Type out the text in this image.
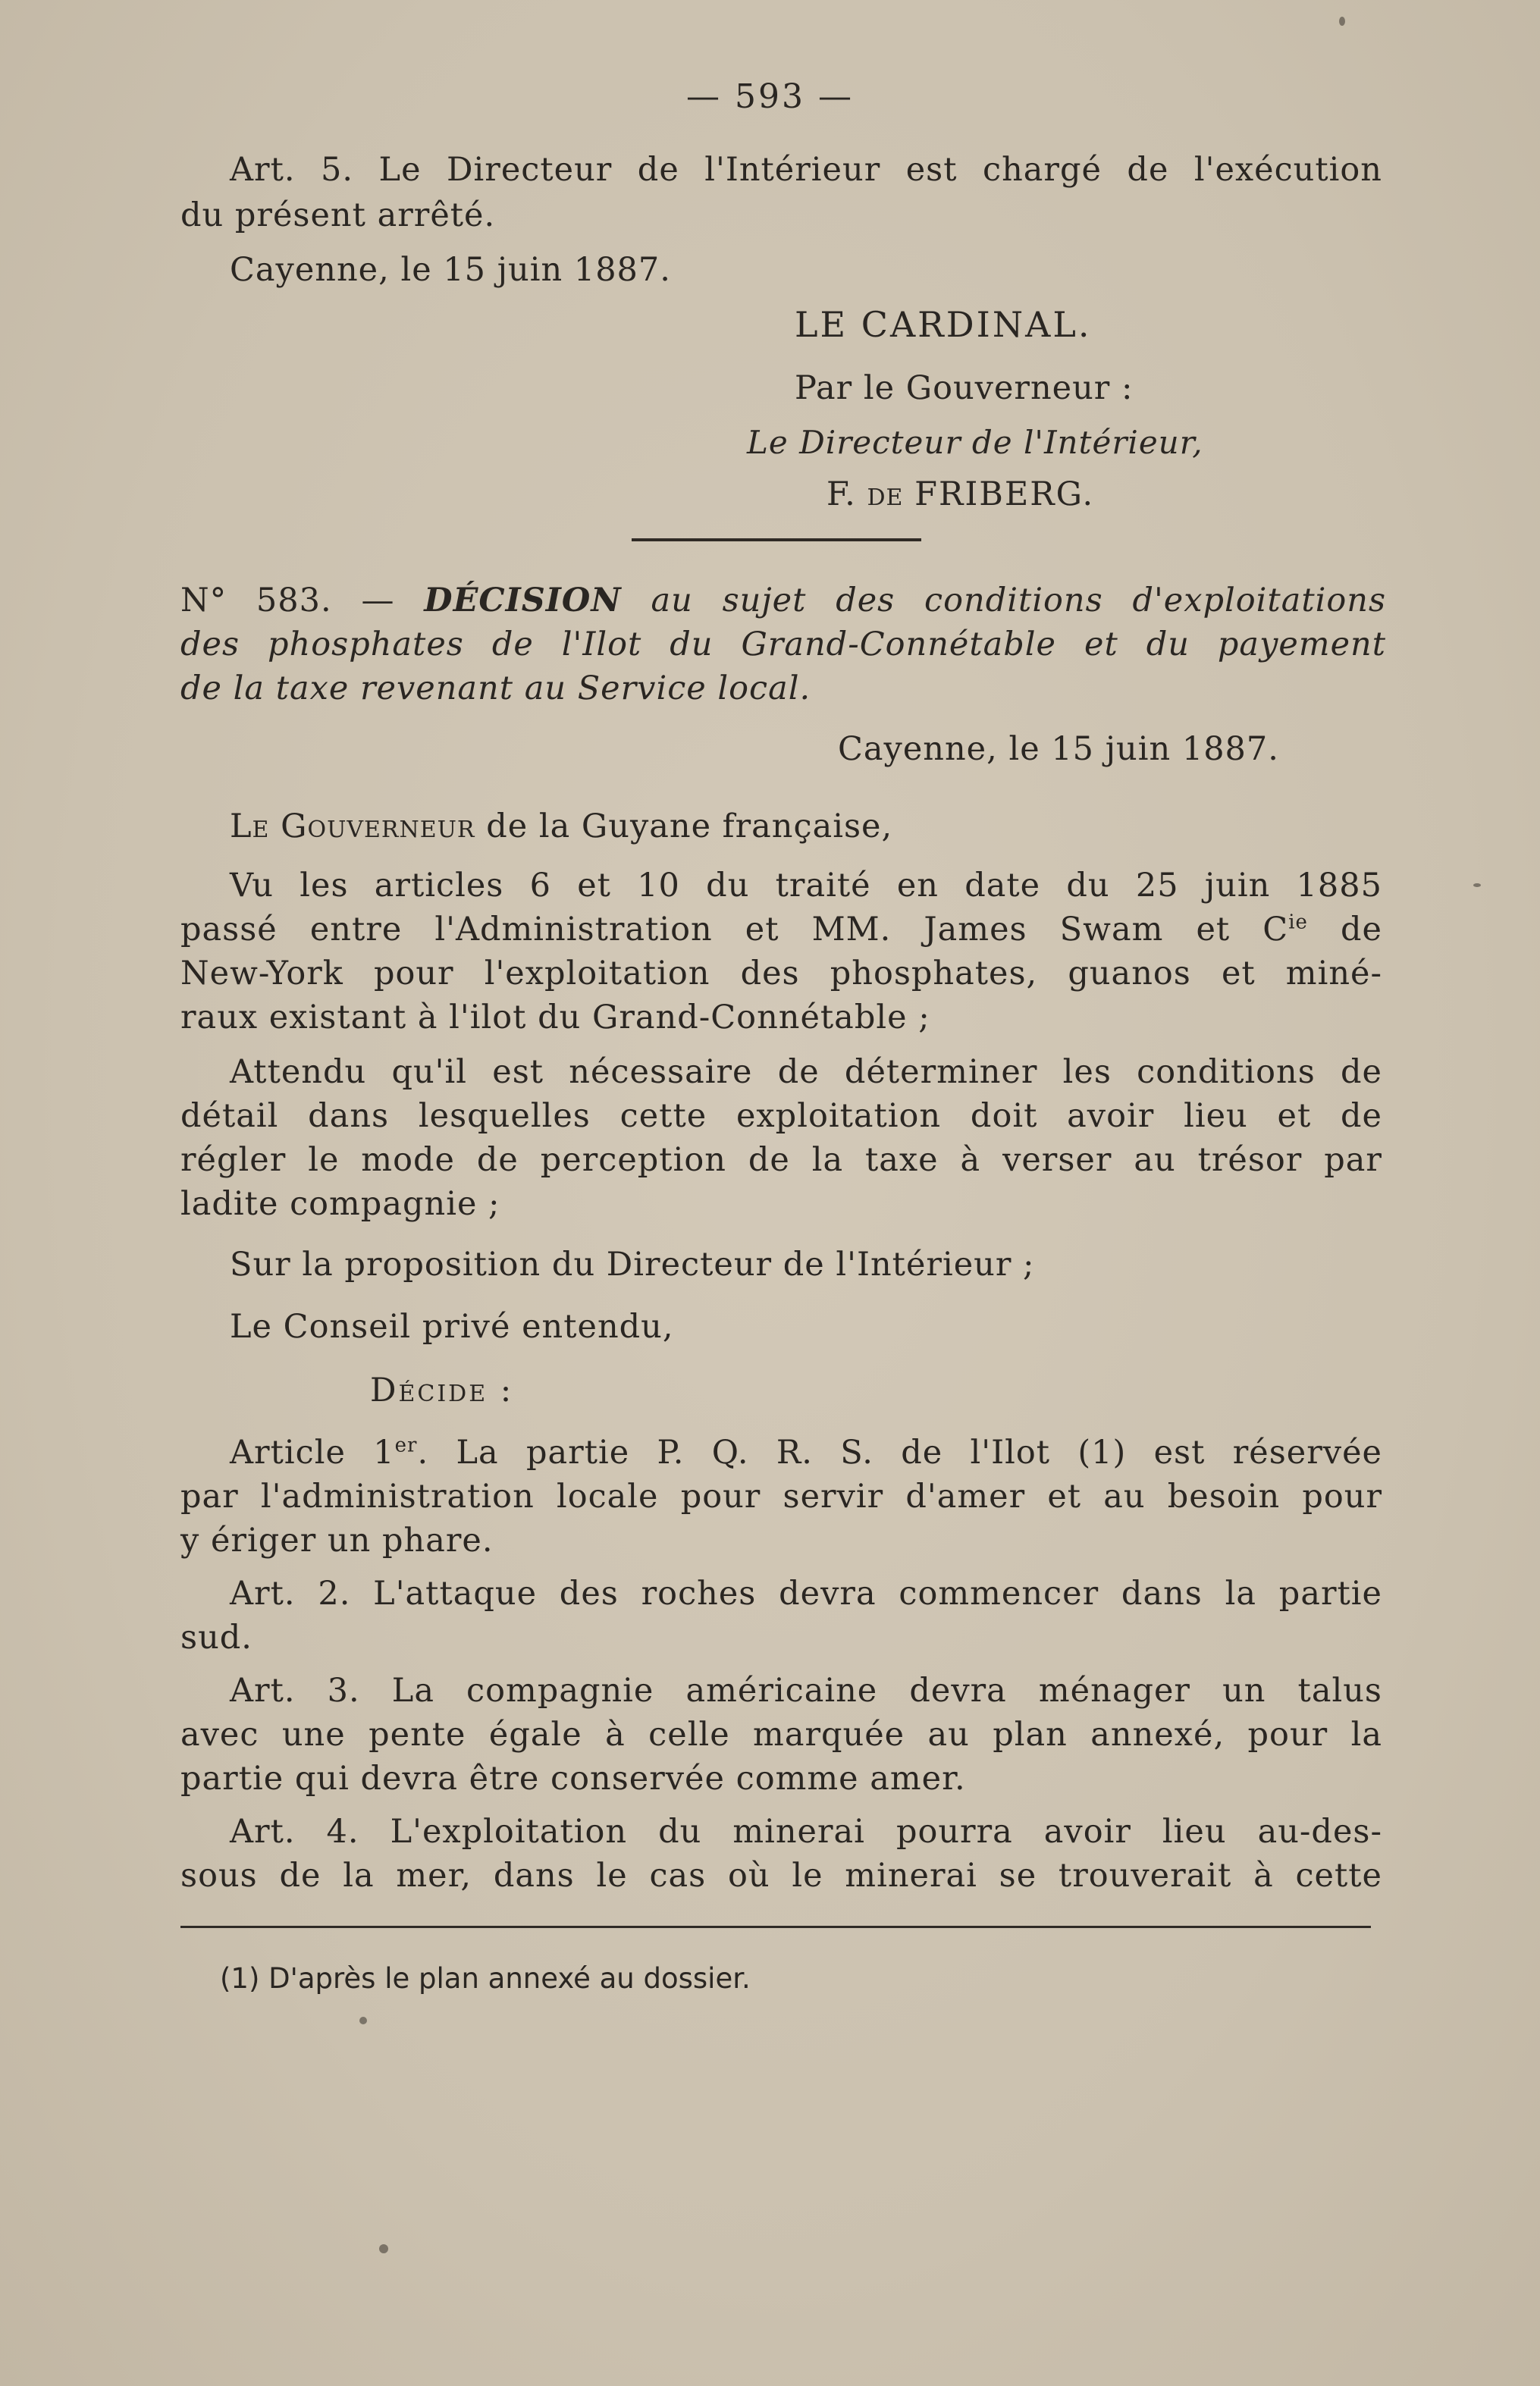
— 593 —
Art. 5. Le Directeur de l'Intérieur est chargé de l'exécution
du présent arrêté.
Cayenne, le 15 juin 1887.
LE CARDINAL.
Par le Gouverneur :
Le Directeur de l'Intérieur,
F. de FRIBERG.
N° 583. — DÉCISION au sujet des conditions d'exploitations
des phosphates de l'Ilot du Grand-Connétable et du payement
de la taxe revenant au Service local.
Cayenne, le 15 juin 1887.
Le Gouverneur de la Guyane française,
Vu les articles 6 et 10 du traité en date du 25 juin 1885
passé entre l'Administration et MM. James Swam et $C^{ie}$ de
New-York pour l'exploitation des phosphates, guanos et miné-
raux existant à l'ilot du Grand-Connétable ;
Attendu qu'il est nécessaire de déterminer les conditions de
détail dans lesquelles cette exploitation doit avoir lieu et de
régler le mode de perception de la taxe à verser au trésor par
ladite compagnie ;
Sur la proposition du Directeur de l'Intérieur ;
Le Conseil privé entendu,
Décide :
Article 1er. La partie P. Q. R. S. de l'Ilot (1) est réservée
par l'administration locale pour servir d'amer et au besoin pour
y ériger un phare.
Art. 2. L'attaque des roches devra commencer dans la partie
sud.
Art. 3. La compagnie américaine devra ménager un talus
avec une pente égale à celle marquée au plan annexé, pour la
partie qui devra être conservée comme amer.
Art. 4. L'exploitation du minerai pourra avoir lieu au-des-
sous de la mer, dans le cas où le minerai se trouverait à cette
(1) D'après le plan annexé au dossier.
